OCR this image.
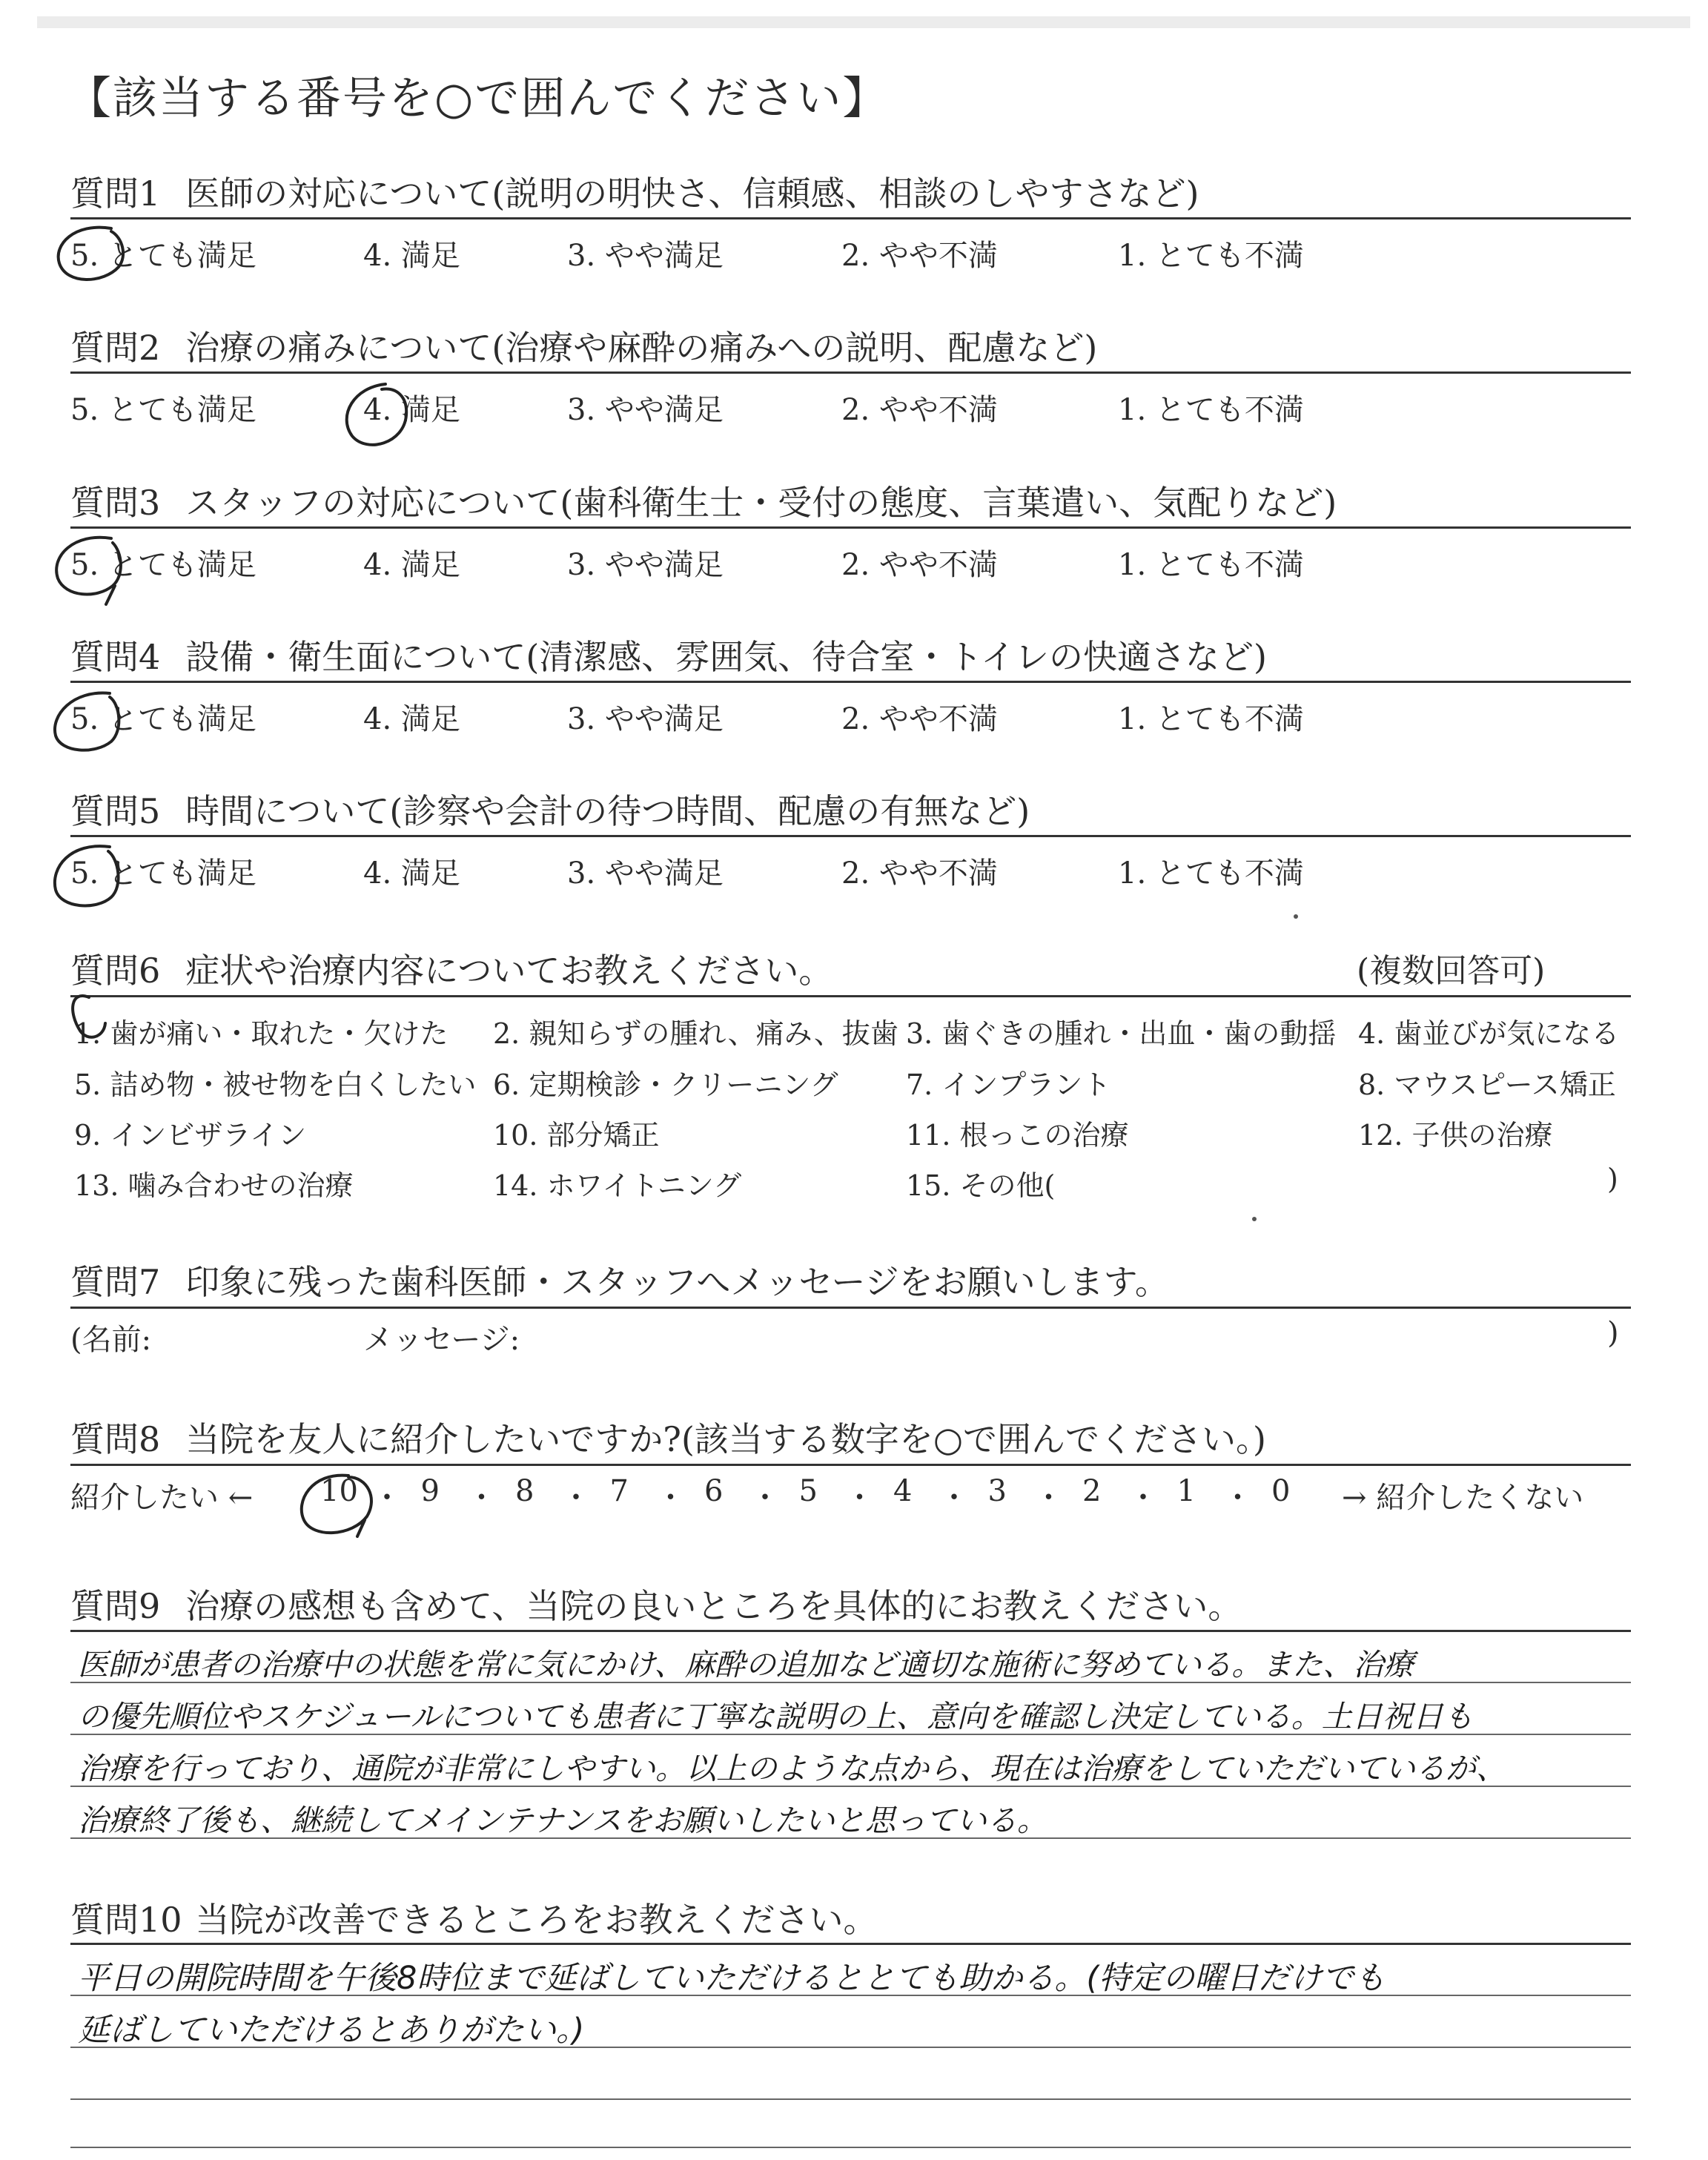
【該当する番号を○で囲んでください】
質問1 医師の対応について(説明の明快さ、信頼感、相談のしやすさなど)
5. とても満足	4. 満足	3. やや満足	2. やや不満	1. とても不満
質問2 治療の痛みについて(治療や麻酔の痛みへの説明、配慮など)
5. とても満足	4. 満足	3. やや満足	2. やや不満	1. とても不満
質問3 スタッフの対応について(歯科衛生士・受付の態度、言葉遣い、気配りなど)
5. とても満足	4. 満足	3. やや満足	2. やや不満	1. とても不満
質問4 設備・衛生面について(清潔感、雰囲気、待合室・トイレの快適さなど)
5. とても満足	4. 満足	3. やや満足	2. やや不満	1. とても不満
質問5 時間について(診察や会計の待つ時間、配慮の有無など)
5. とても満足	4. 満足	3. やや満足	2. やや不満	1. とても不満
質問6 症状や治療内容についてお教えください。	(複数回答可)
1. 歯が痛い・取れた・欠けた 2. 親知らずの腫れ、痛み、抜歯 3. 歯ぐきの腫れ・出血・歯の動揺 4. 歯並びが気になる
5. 詰め物・被せ物を白くしたい 6. 定期検診・クリーニング 7. インプラント	8. マウスピース矯正
9. インビザライン	10. 部分矯正	11. 根っこの治療	12. 子供の治療
13. 噛み合わせの治療	14. ホワイトニング	15. その他(	)
質問7 印象に残った歯科医師・スタッフへメッセージをお願いします。
(名前:	メッセージ:	)
質問8 当院を友人に紹介したいですか?(該当する数字を○で囲んでください。)
紹介したい ← 10 ・ 9 ・ 8 ・ 7 ・ 6 ・ 5 ・ 4 ・ 3 ・ 2 ・ 1 ・ 0 → 紹介したくない
質問9 治療の感想も含めて、当院の良いところを具体的にお教えください。
医師が患者の治療中の状態を常に気にかけ、麻酔の追加など適切な施術に努めている。また、治療
の優先順位やスケジュールについても患者に丁寧な説明の上、意向を確認し決定している。土日祝日も
治療を行っており、通院が非常にしやすい。以上のような点から、現在は治療をしていただいているが、
治療終了後も、継続してメインテナンスをお願いしたいと思っている。
質問10 当院が改善できるところをお教えください。
平日の開院時間を午後8時位まで延ばしていただけるととても助かる。(特定の曜日だけでも
延ばしていただけるとありがたい。)
